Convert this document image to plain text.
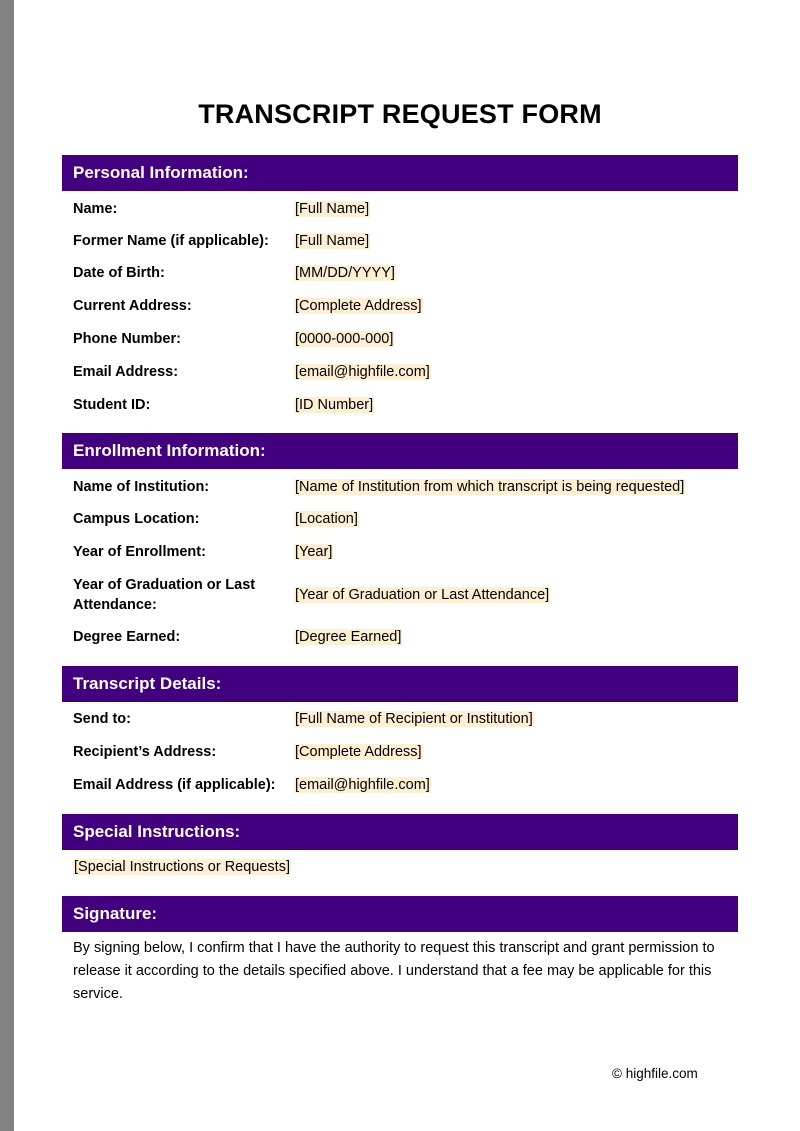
TRANSCRIPT REQUEST FORM
Personal Information:
Name:	[Full Name]
Former Name (if applicable):	[Full Name]
Date of Birth:	[MM/DD/YYYY]
Current Address:	[Complete Address]
Phone Number:	[0000-000-000]
Email Address:	[email@highfile.com]
Student ID:	[ID Number]
Enrollment Information:
Name of Institution:	[Name of Institution from which transcript is being requested]
Campus Location:	[Location]
Year of Enrollment:	[Year]
Year of Graduation or Last Attendance:
[Year of Graduation or Last Attendance]
Degree Earned:	[Degree Earned]
Transcript Details:
Send to:	[Full Name of Recipient or Institution]
Recipient’s Address:	[Complete Address]
Email Address (if applicable):	[email@highfile.com]
Special Instructions:
[Special Instructions or Requests]
Signature:
By signing below, I confirm that I have the authority to request this transcript and grant permission to release it according to the details specified above. I understand that a fee may be applicable for this service.
© highfile.com
